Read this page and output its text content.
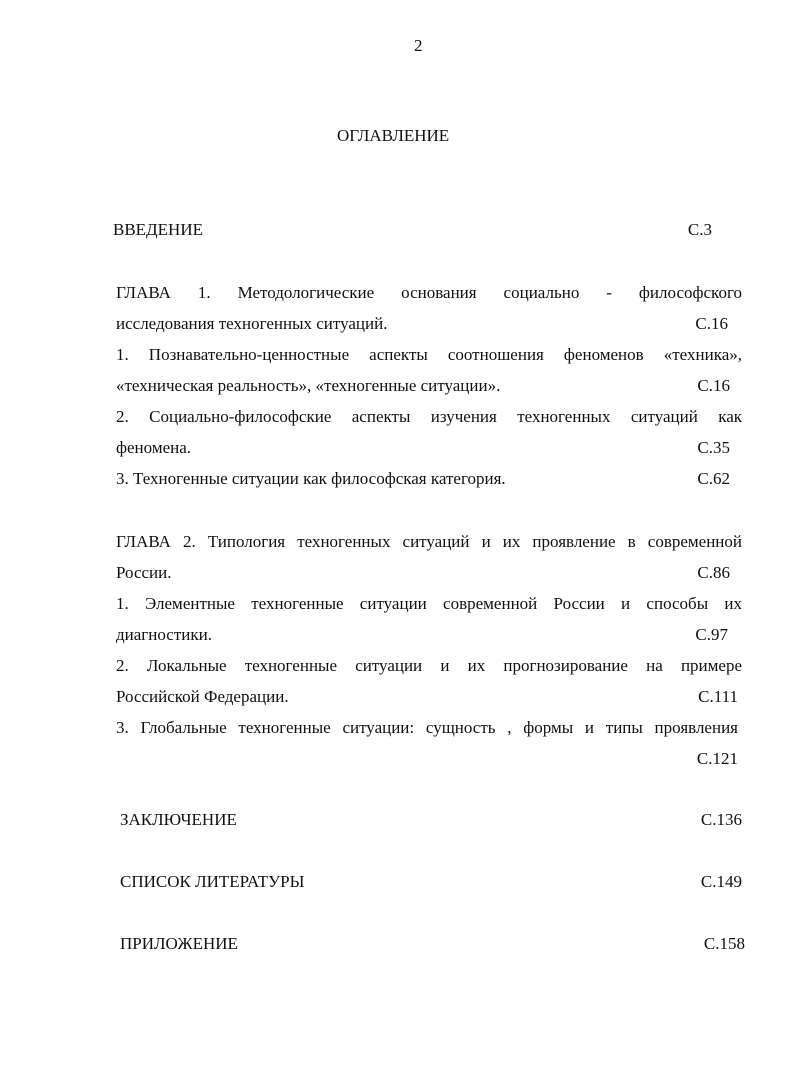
2
ОГЛАВЛЕНИЕ
ВВЕДЕНИЕ	С.3
ГЛАВА 1. Методологические основания социально - философского
исследования техногенных ситуаций.	С.16
1. Познавательно-ценностные аспекты соотношения феноменов «техника»,
«техническая реальность», «техногенные ситуации».	С.16
2. Социально-философские аспекты изучения техногенных ситуаций как
феномена.	С.35
3. Техногенные ситуации как философская категория.	С.62
ГЛАВА 2. Типология техногенных ситуаций и их проявление в современной
России.	С.86
1. Элементные техногенные ситуации современной России и способы их
диагностики.	С.97
2. Локальные техногенные ситуации и их прогнозирование на примере
Российской Федерации.	С.111
3. Глобальные техногенные ситуации: сущность , формы и типы проявления
С.121
ЗАКЛЮЧЕНИЕ	С.136
СПИСОК ЛИТЕРАТУРЫ	С.149
ПРИЛОЖЕНИЕ	С.158
